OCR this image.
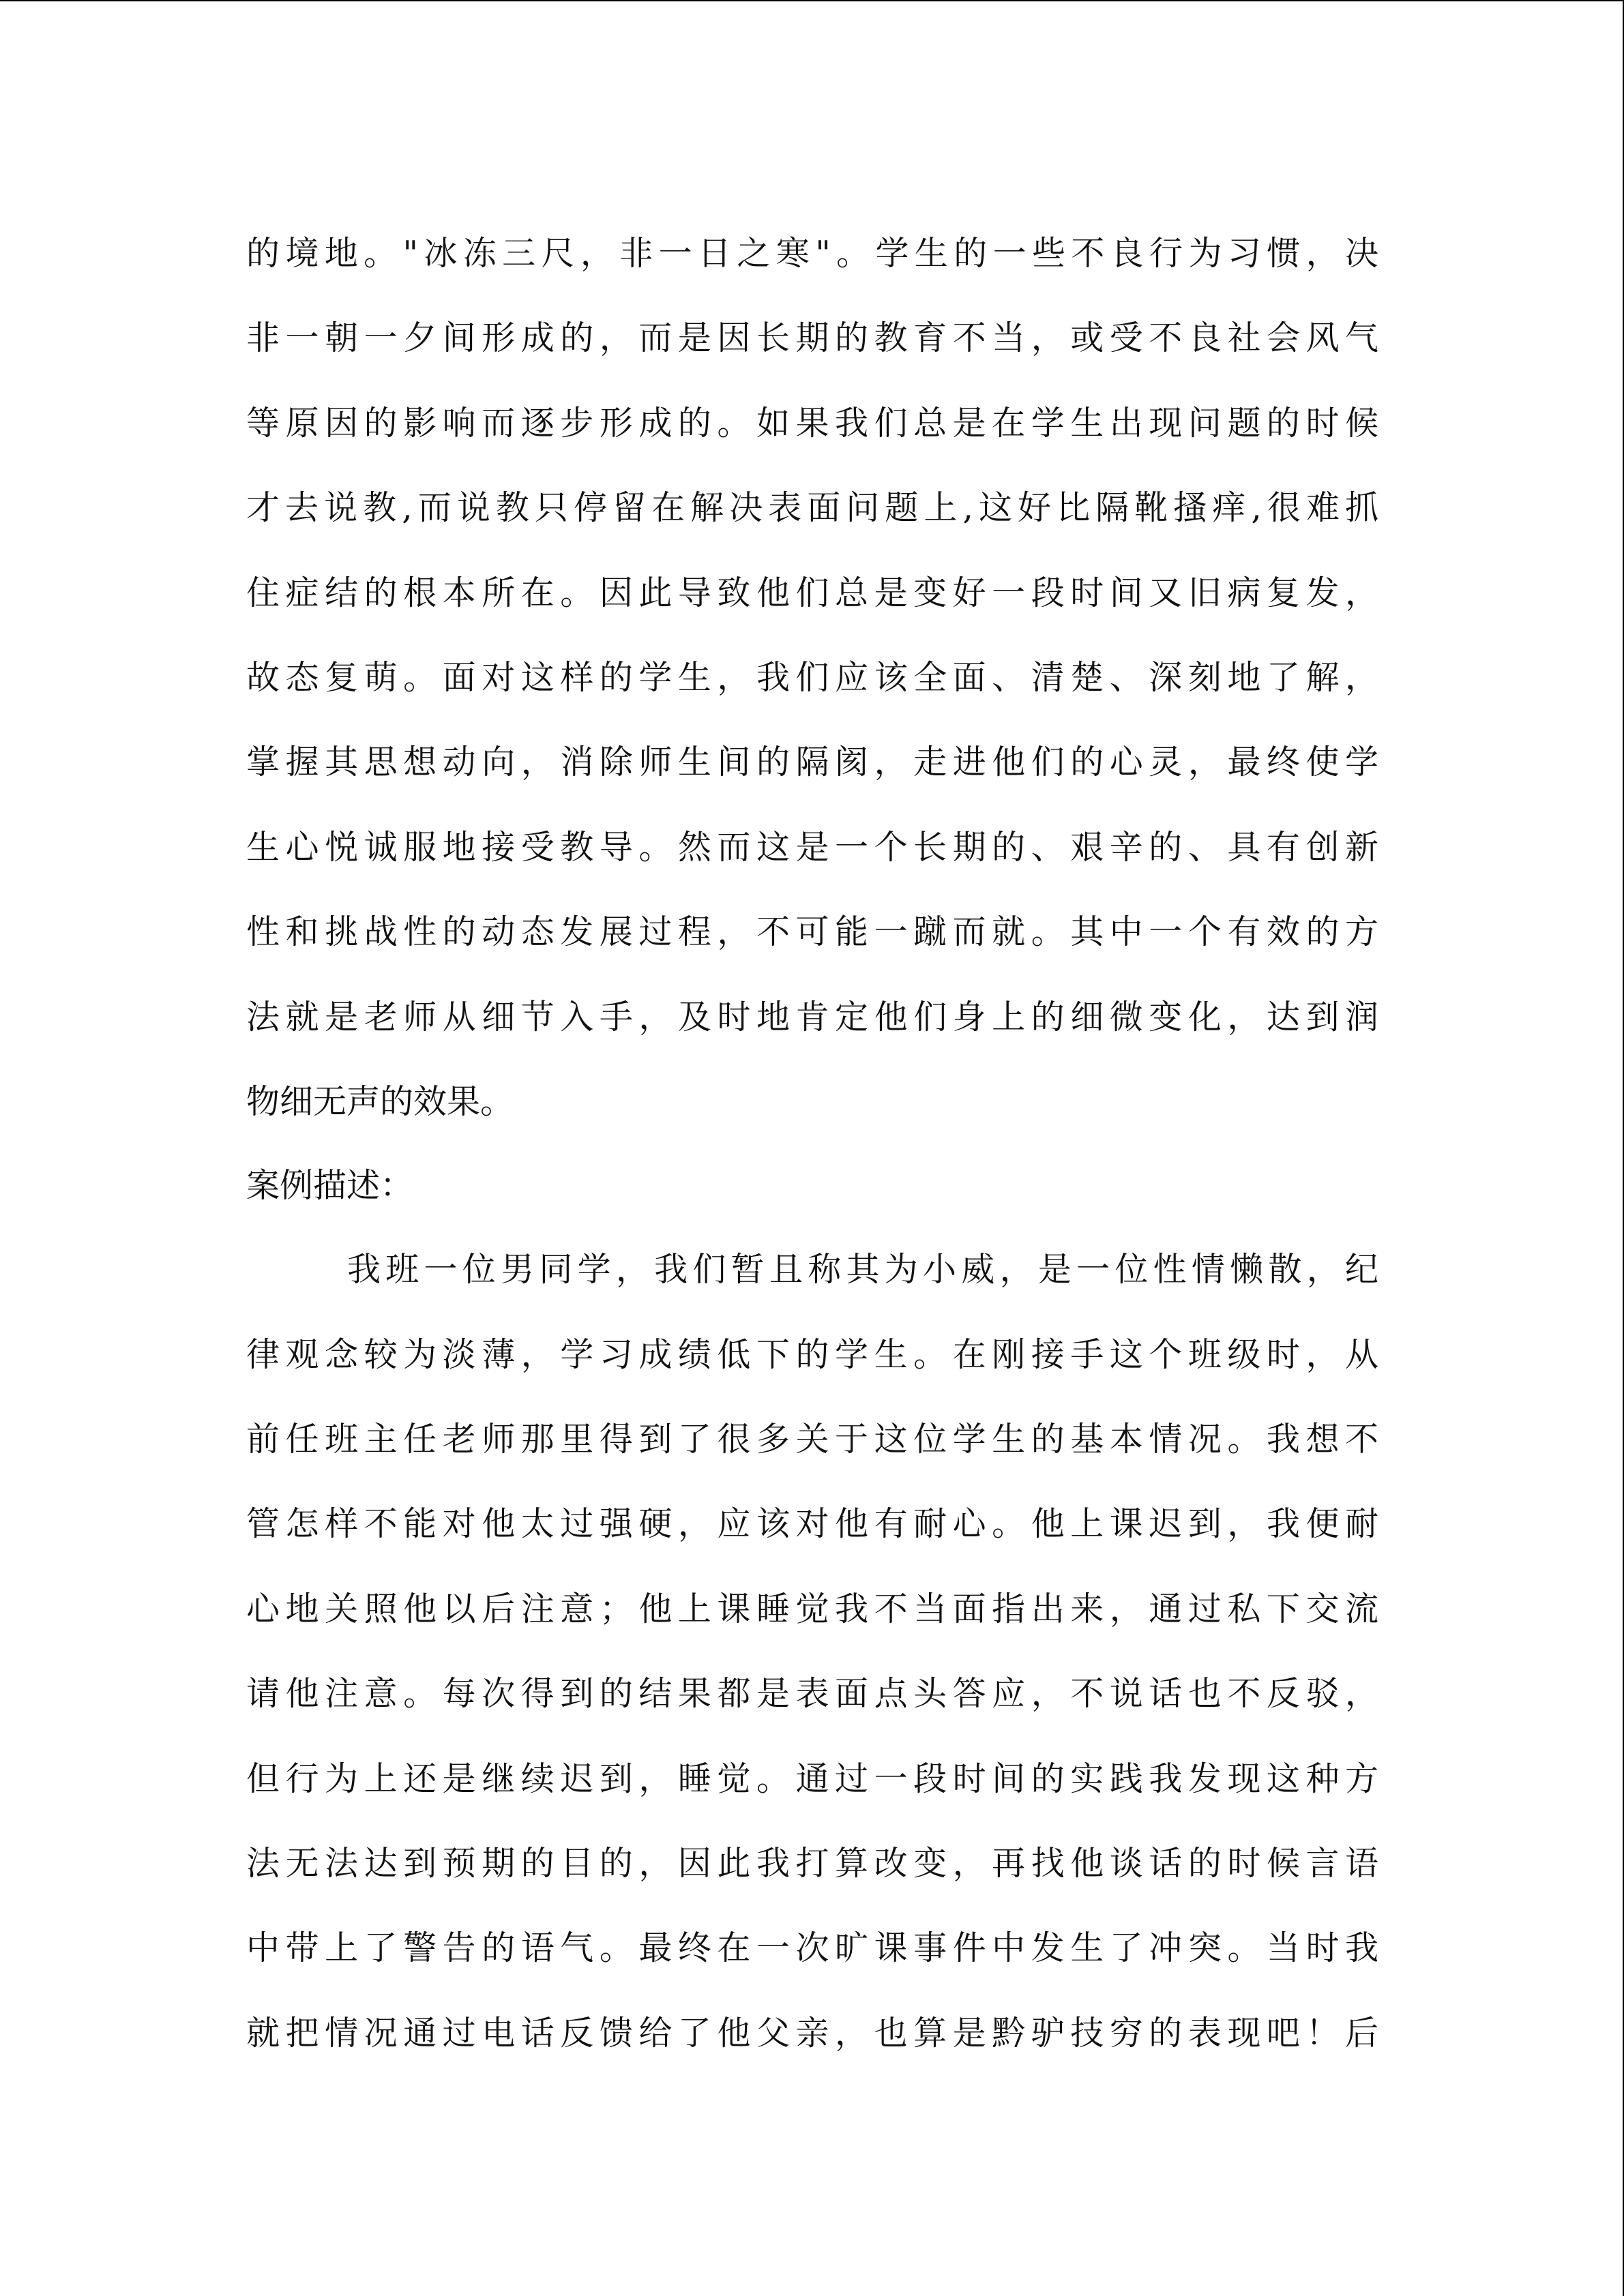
的境地。"冰冻三尺，非一日之寒"。学生的一些不良行为习惯，决
非一朝一夕间形成的，而是因长期的教育不当，或受不良社会风气
等原因的影响而逐步形成的。如果我们总是在学生出现问题的时候
才去说教,而说教只停留在解决表面问题上,这好比隔靴搔痒,很难抓
住症结的根本所在。因此导致他们总是变好一段时间又旧病复发，
故态复萌。面对这样的学生，我们应该全面、清楚、深刻地了解，
掌握其思想动向，消除师生间的隔阂，走进他们的心灵，最终使学
生心悦诚服地接受教导。然而这是一个长期的、艰辛的、具有创新
性和挑战性的动态发展过程，不可能一蹴而就。其中一个有效的方
法就是老师从细节入手，及时地肯定他们身上的细微变化，达到润
物细无声的效果。
案例描述：
我班一位男同学，我们暂且称其为小威，是一位性情懒散，纪
律观念较为淡薄，学习成绩低下的学生。在刚接手这个班级时，从
前任班主任老师那里得到了很多关于这位学生的基本情况。我想不
管怎样不能对他太过强硬，应该对他有耐心。他上课迟到，我便耐
心地关照他以后注意；他上课睡觉我不当面指出来，通过私下交流
请他注意。每次得到的结果都是表面点头答应，不说话也不反驳，
但行为上还是继续迟到，睡觉。通过一段时间的实践我发现这种方
法无法达到预期的目的，因此我打算改变，再找他谈话的时候言语
中带上了警告的语气。最终在一次旷课事件中发生了冲突。当时我
就把情况通过电话反馈给了他父亲，也算是黔驴技穷的表现吧！后
